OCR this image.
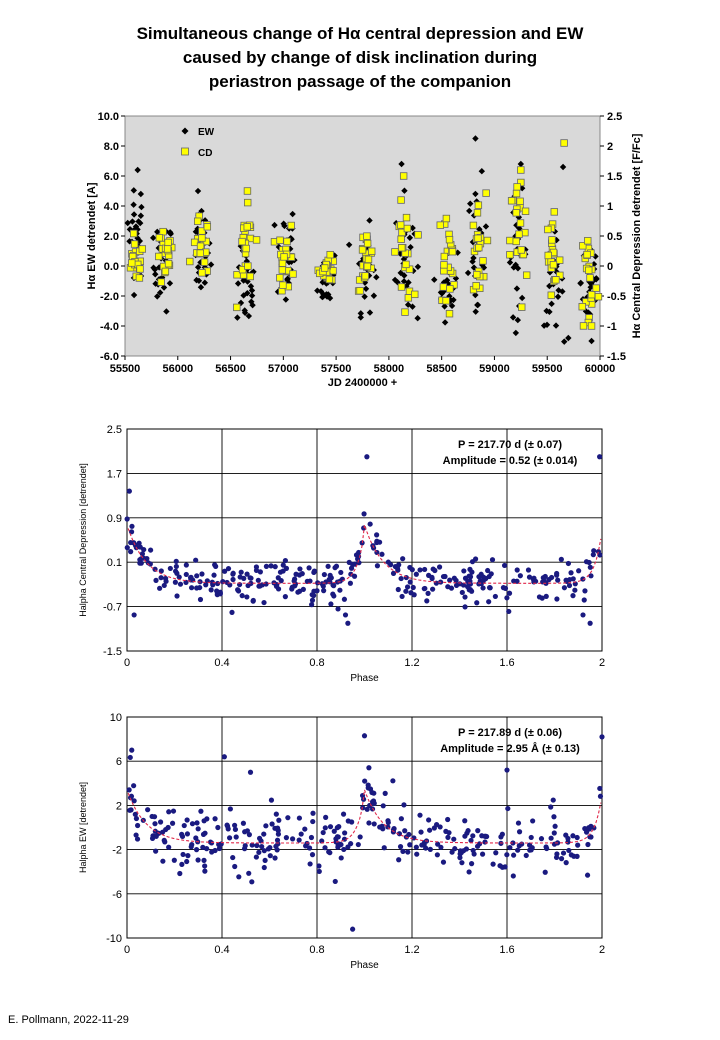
Simultaneous change of Hα central depression and EW
caused by change of disk inclination during
periastron passage of the companion
-6.0
-4.0
-2.0
0.0
2.0
4.0
6.0
8.0
10.0
-1.5
-1
-0.5
0
0.5
1
1.5
2
2.5
55500 56000 56500 57000 57500 58000 58500 59000 59500 60000
JD 2400000 +
Hα EW detrendet [A]	Hα Central Depression detrendet [F/Fc]
EW
CD
0	0.4	0.8	1.2	1.6	2
-1.5
-0.7
0.1
0.9
1.7
2.5
Phase
Halpha Central Depression [detrendet]
P = 217.70 d (± 0.07)
Amplitude = 0.52 (± 0.014)
0	0.4	0.8	1.2	1.6	2
-10
-6
-2
2
6
10
Phase
Halpha EW [detrendet]
P = 217.89 d (± 0.06)
Amplitude = 2.95 Å (± 0.13)
E. Pollmann, 2022-11-29
